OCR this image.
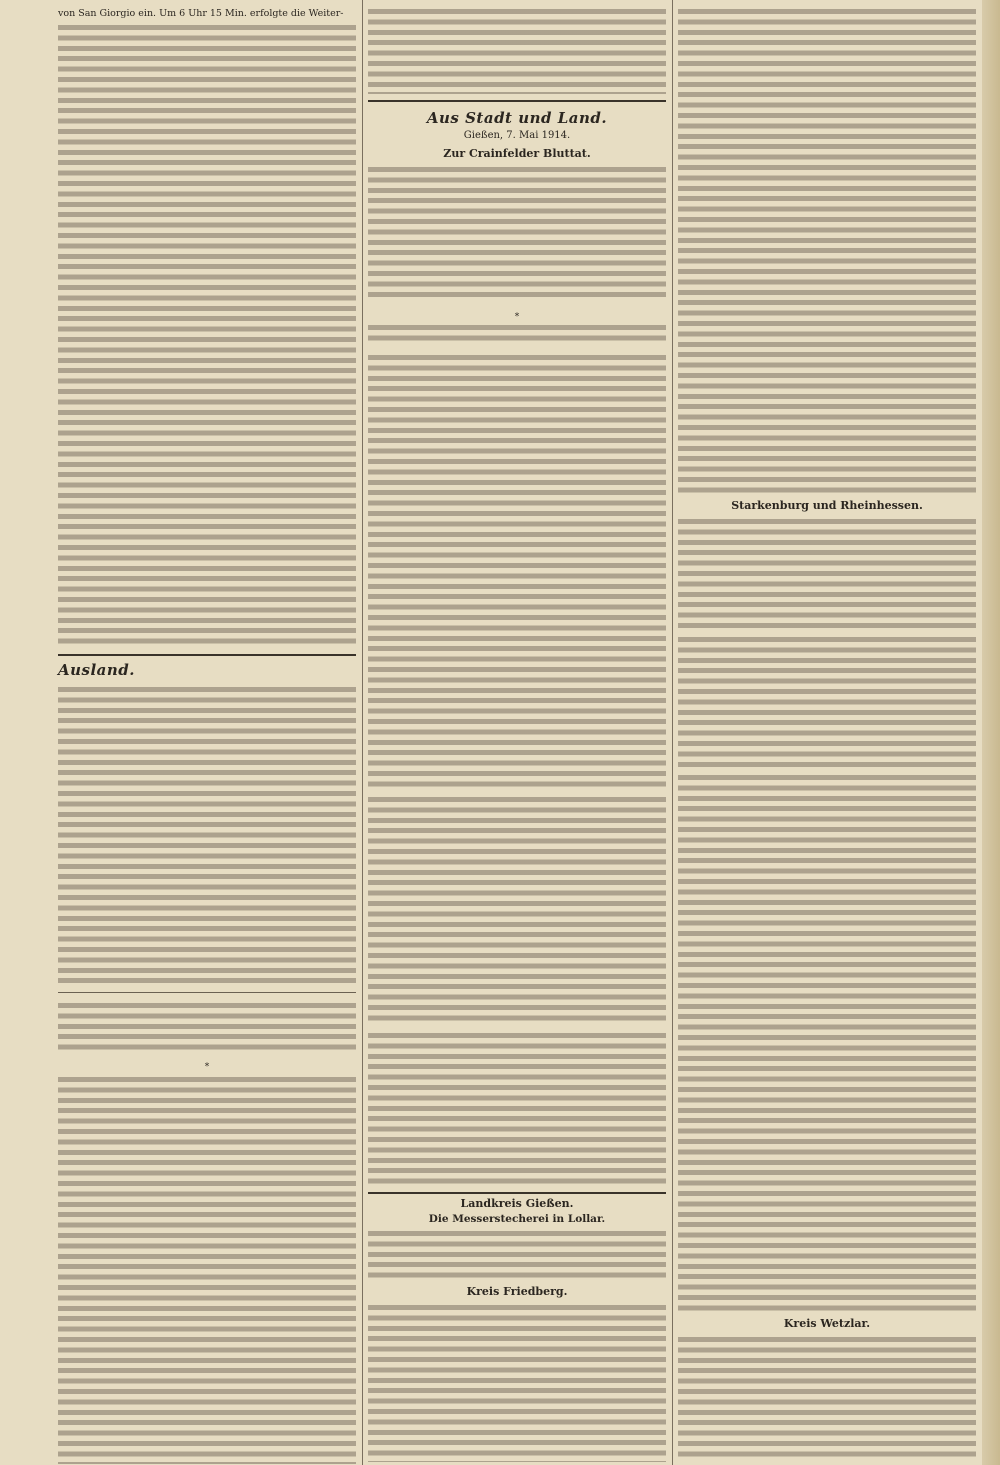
von San Giorgio ein. Um 6 Uhr 15 Min. erfolgte die Weiter-
Ausland.
⁎
Aus Stadt und Land.
Gießen, 7. Mai 1914.
Zur Crainfelder Bluttat.
⁎
Landkreis Gießen.
Die Messerstecherei in Lollar.
Kreis Friedberg.
Starkenburg und Rheinhessen.
Kreis Wetzlar.
